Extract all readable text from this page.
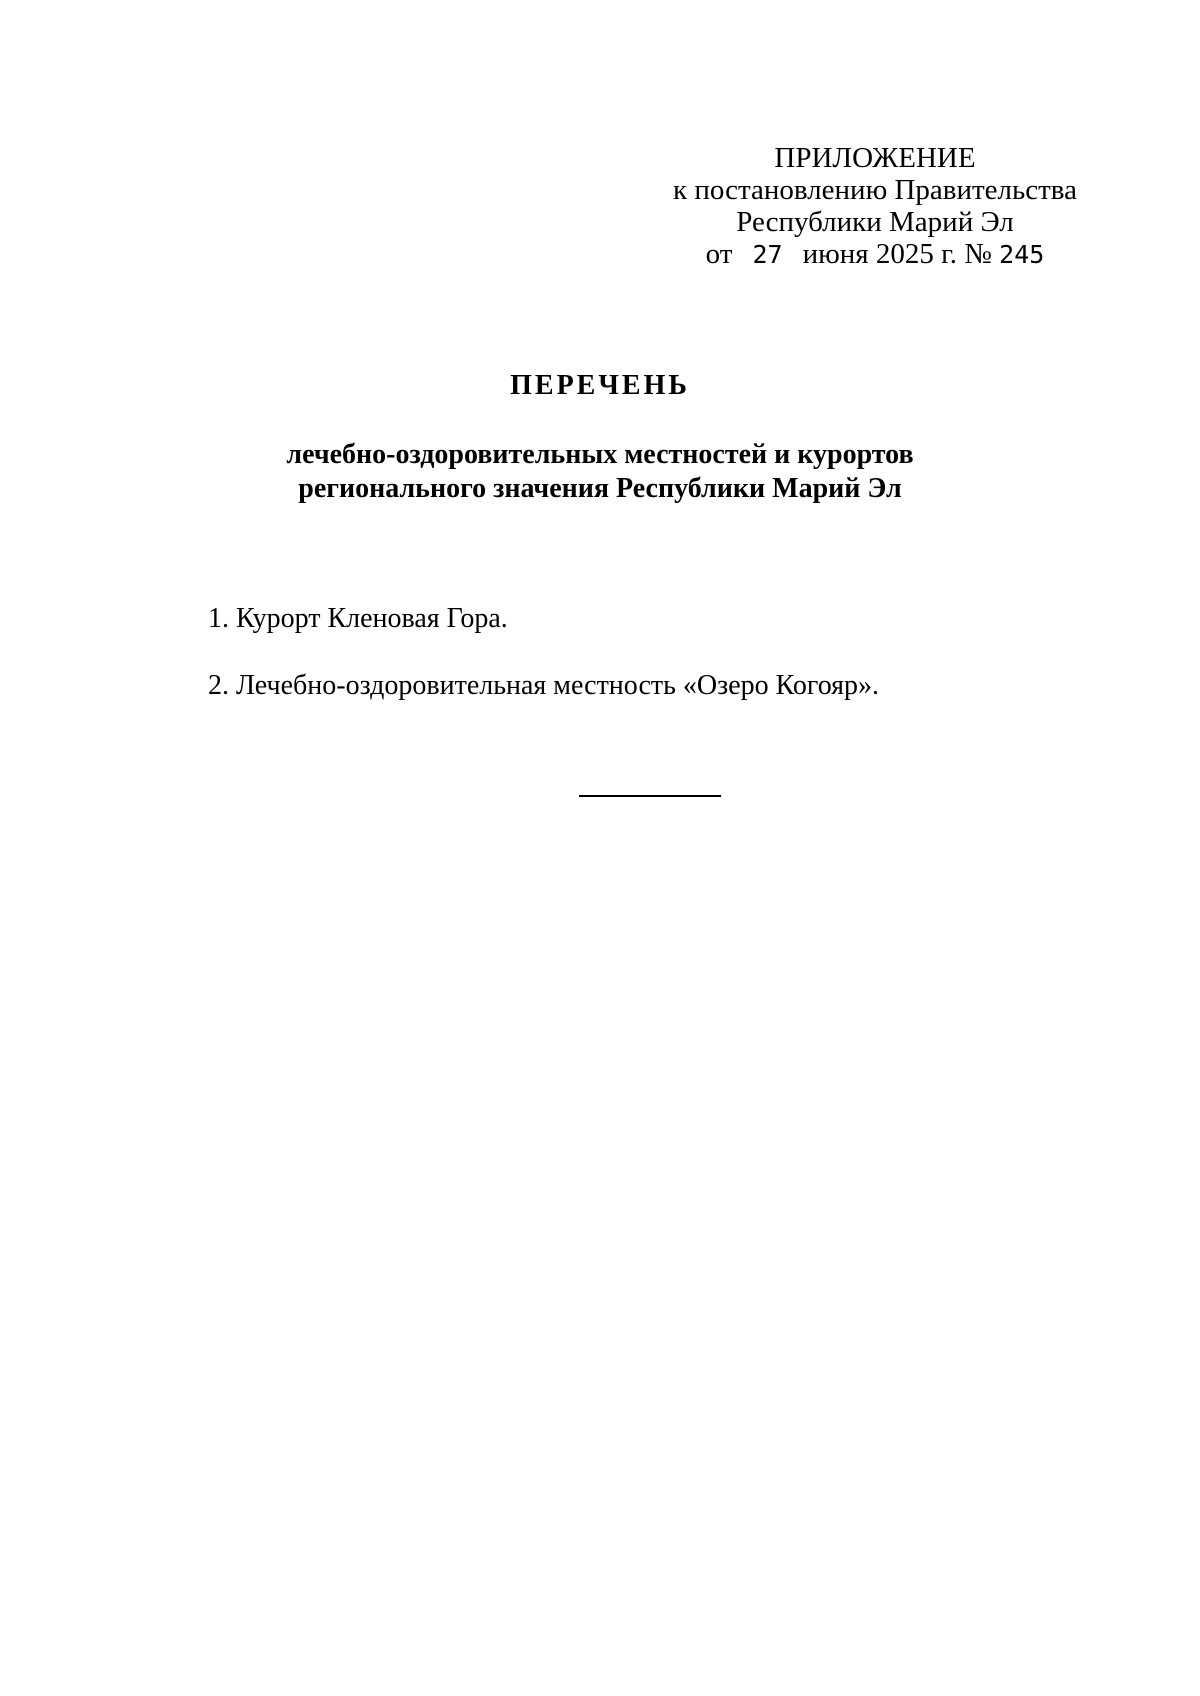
ПРИЛОЖЕНИЕ
к постановлению Правительства
Республики Марий Эл
от 27 июня 2025 г. № 245
ПЕРЕЧЕНЬ
лечебно-оздоровительных местностей и курортов
регионального значения Республики Марий Эл
1. Курорт Кленовая Гора.
2. Лечебно-оздоровительная местность «Озеро Когояр».
